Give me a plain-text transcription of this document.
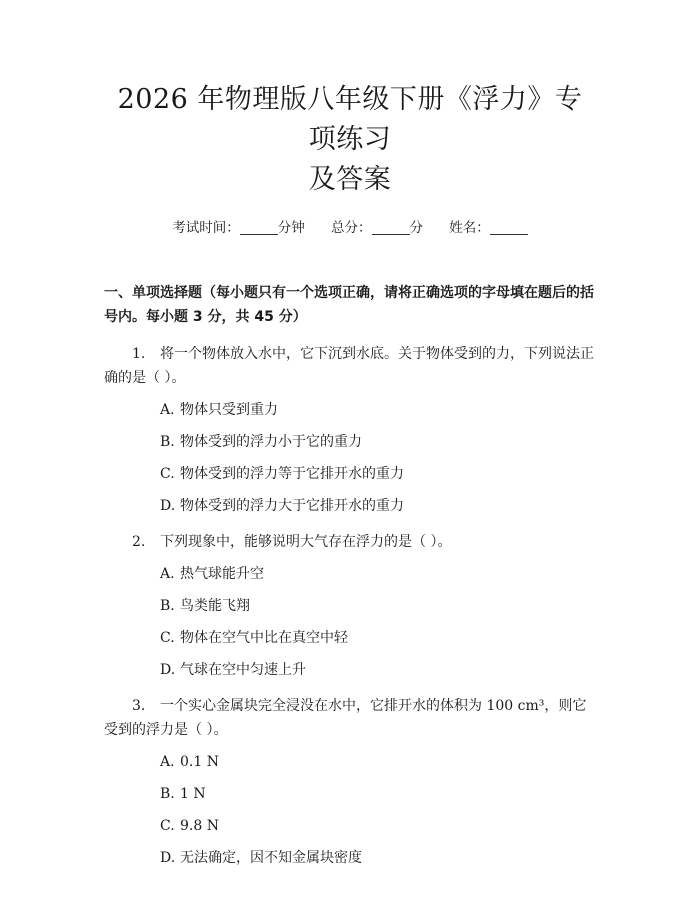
2026 年物理版八年级下册《浮力》专项练习
及答案
考试时间：	分钟 总分：	分 姓名：
一、单项选择题（每小题只有一个选项正确，请将正确选项的字母填在题后的括号内。每小题 3 分，共 45 分）
1. 将一个物体放入水中，它下沉到水底。关于物体受到的力，下列说法正确的是（ ）。
A. 物体只受到重力
B. 物体受到的浮力小于它的重力
C. 物体受到的浮力等于它排开水的重力
D. 物体受到的浮力大于它排开水的重力
2. 下列现象中，能够说明大气存在浮力的是（ ）。
A. 热气球能升空
B. 鸟类能飞翔
C. 物体在空气中比在真空中轻
D. 气球在空中匀速上升
3. 一个实心金属块完全浸没在水中，它排开水的体积为 100 cm³，则它受到的浮力是（ ）。
A. 0.1 N
B. 1 N
C. 9.8 N
D. 无法确定，因不知金属块密度
